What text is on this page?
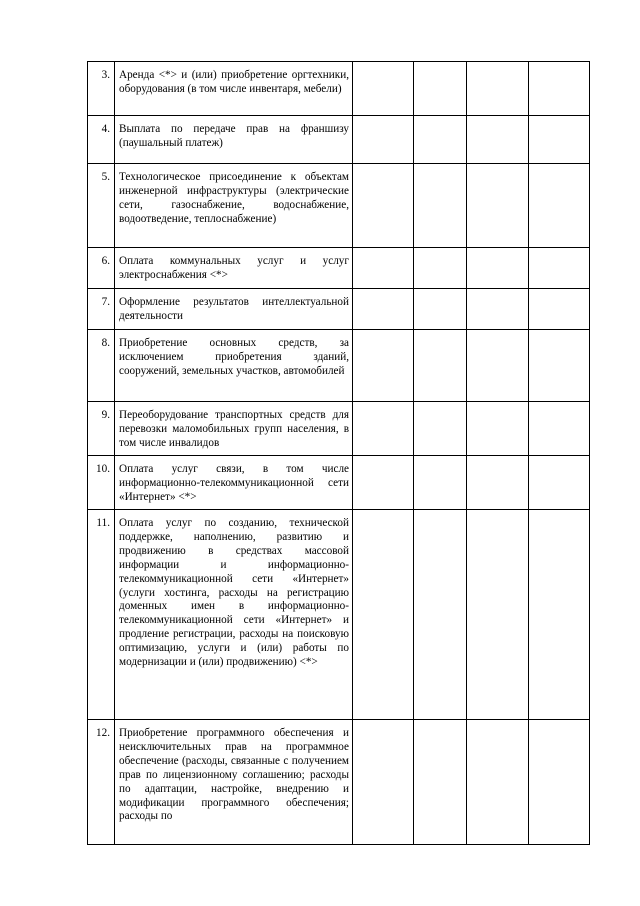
3.	Аренда <*> и (или) приобретение оргтехники, оборудования (в том числе инвентаря, мебели)				
4.	Выплата по передаче прав на франшизу (паушальный платеж)				
5.	Технологическое присоединение к объектам инженерной инфраструктуры (электрические сети, газоснабжение, водоснабжение, водоотведение, теплоснабжение)				
6.	Оплата коммунальных услуг и услуг электроснабжения <*>				
7.	Оформление результатов интеллектуальной деятельности				
8.	Приобретение основных средств, за исключением приобретения зданий, сооружений, земельных участков, автомобилей				
9.	Переоборудование транспортных средств для перевозки маломобильных групп населения, в том числе инвалидов				
10.	Оплата услуг связи, в том числе информационно-телекоммуникационной сети «Интернет» <*>				
11.	Оплата услуг по созданию, технической поддержке, наполнению, развитию и продвижению в средствах массовой информации и информационно-телекоммуникационной сети «Интернет» (услуги хостинга, расходы на регистрацию доменных имен в информационно-телекоммуникационной сети «Интернет» и продление регистрации, расходы на поисковую оптимизацию, услуги и (или) работы по модернизации и (или) продвижению) <*>				
12.	Приобретение программного обеспечения и неисключительных прав на программное обеспечение (расходы, связанные с получением прав по лицензионному соглашению; расходы по адаптации, настройке, внедрению и модификации программного обеспечения; расходы по				
